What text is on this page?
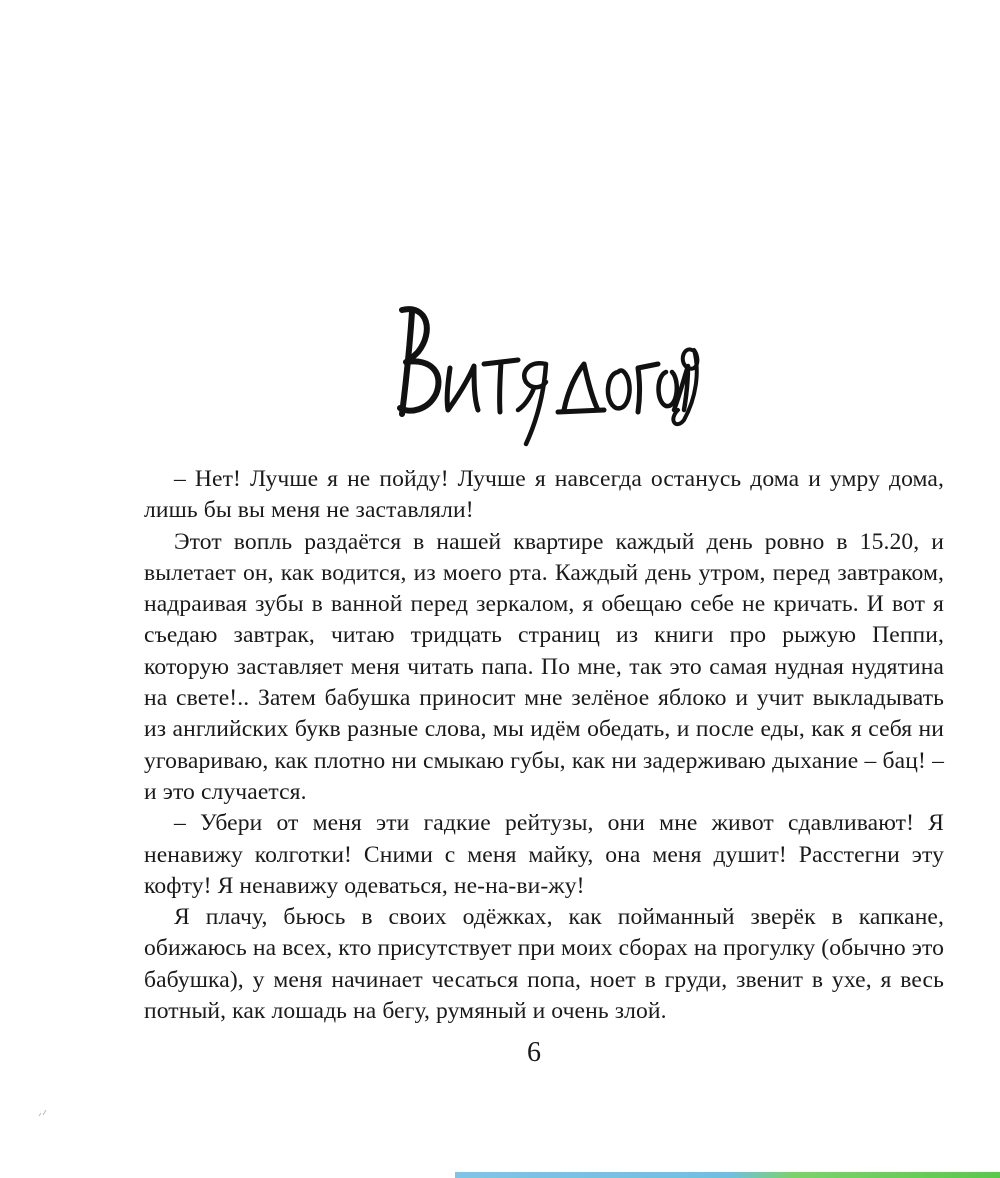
– Нет! Лучше я не пойду! Лучше я навсегда останусь дома и умру дома, лишь бы вы меня не заставляли!

Этот вопль раздаётся в нашей квартире каждый день ровно в 15.20, и вылетает он, как водится, из моего рта. Каждый день утром, перед завтраком, надраивая зубы в ванной перед зеркалом, я обещаю себе не кричать. И вот я съедаю завтрак, читаю тридцать страниц из книги про рыжую Пеппи, которую заставляет меня читать папа. По мне, так это самая нудная нудятина на свете!.. Затем бабушка приносит мне зелёное яблоко и учит выкладывать из английских букв разные слова, мы идём обедать, и после еды, как я себя ни уговариваю, как плотно ни смыкаю губы, как ни задерживаю дыхание – бац! – и это случается.

– Убери от меня эти гадкие рейтузы, они мне живот сдавливают! Я ненавижу колготки! Сними с меня майку, она меня душит! Расстегни эту кофту! Я ненавижу одеваться, не-на-ви-жу!

Я плачу, бьюсь в своих одёжках, как пойманный зверёк в капкане, обижаюсь на всех, кто присутствует при моих сборах на прогулку (обычно это бабушка), у меня начинает чесаться попа, ноет в груди, звенит в ухе, я весь потный, как лошадь на бегу, румяный и очень злой.

6
